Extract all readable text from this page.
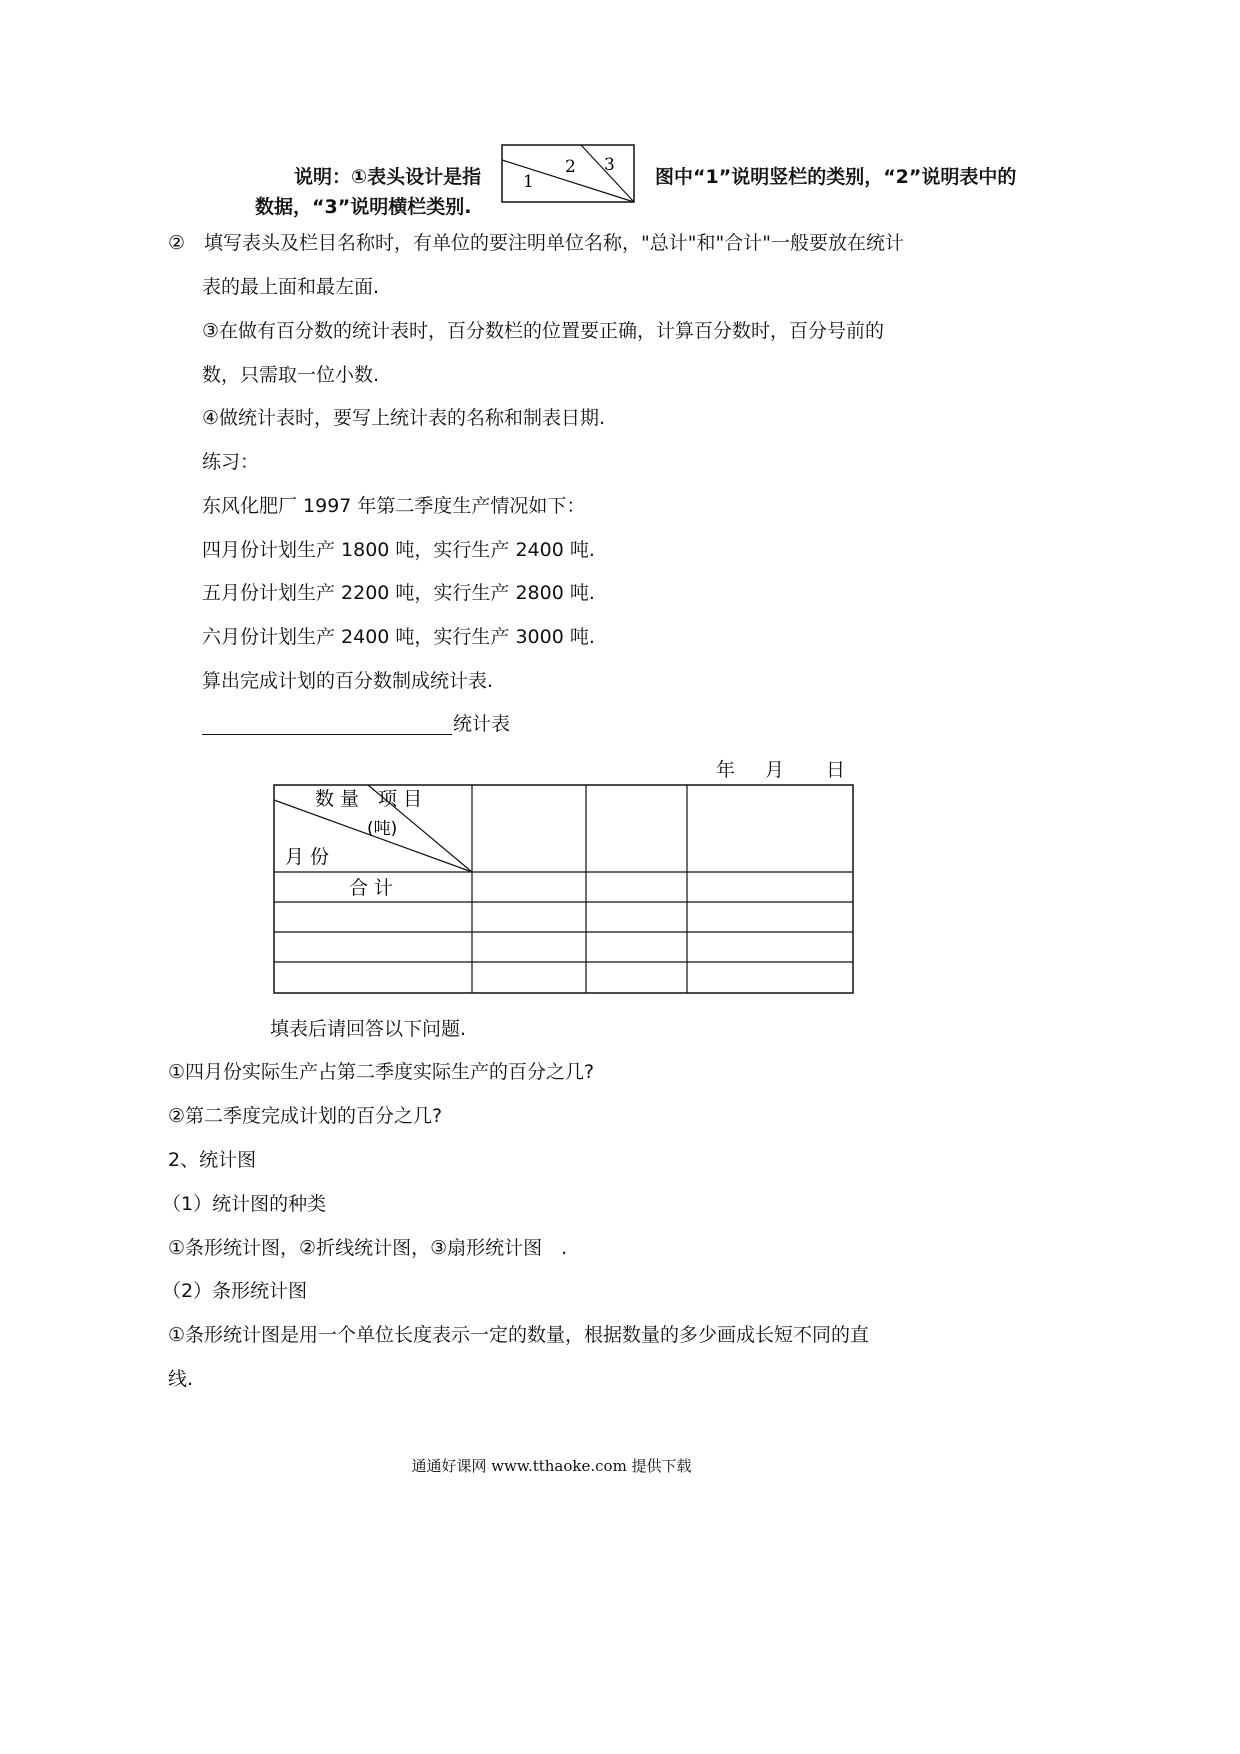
说明：①表头设计是指 1
2 3
图中“1”说明竖栏的类别，“2”说明表中的
数据，“3”说明横栏类别.
②　填写表头及栏目名称时，有单位的要注明单位名称，"总计"和"合计"一般要放在统计
表的最上面和最左面.
③在做有百分数的统计表时，百分数栏的位置要正确，计算百分数时，百分号前的
数，只需取一位小数.
④做统计表时，要写上统计表的名称和制表日期.
练习：
东风化肥厂 1997 年第二季度生产情况如下：
四月份计划生产 1800 吨，实行生产 2400 吨.
五月份计划生产 2200 吨，实行生产 2800 吨.
六月份计划生产 2400 吨，实行生产 3000 吨.
算出完成计划的百分数制成统计表.
统计表
年 月 日
数 量　项 目
(吨)
月 份
合 计
填表后请回答以下问题.
①四月份实际生产占第二季度实际生产的百分之几?
②第二季度完成计划的百分之几?
2、统计图
（1）统计图的种类
①条形统计图，②折线统计图，③扇形统计图　.
（2）条形统计图
①条形统计图是用一个单位长度表示一定的数量，根据数量的多少画成长短不同的直
线.
通通好课网 www.tthaoke.com 提供下载
